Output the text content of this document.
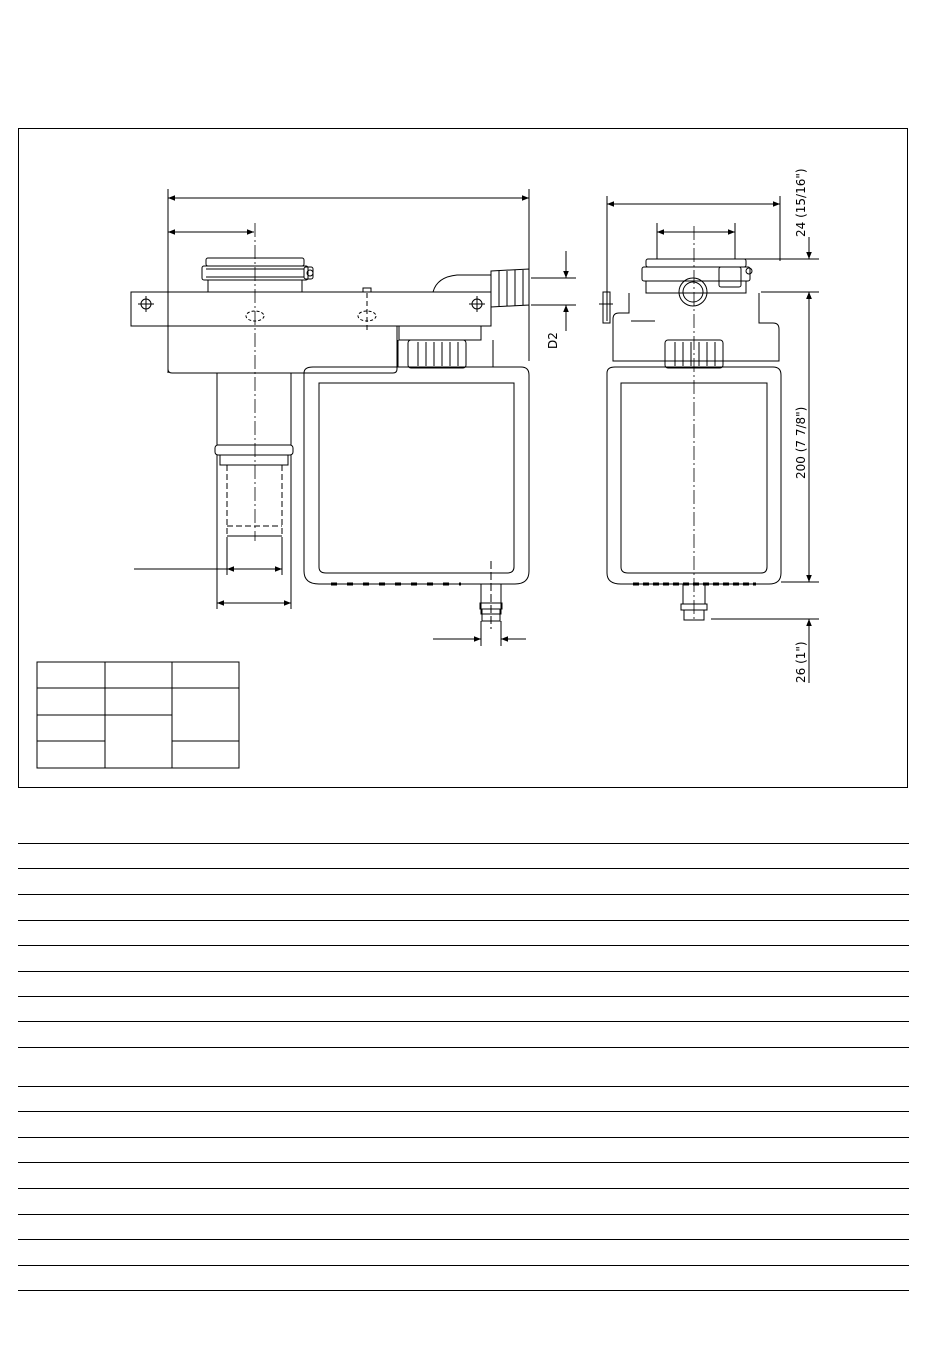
D2
24 (15/16")
200 (7 7/8")
26 (1")
